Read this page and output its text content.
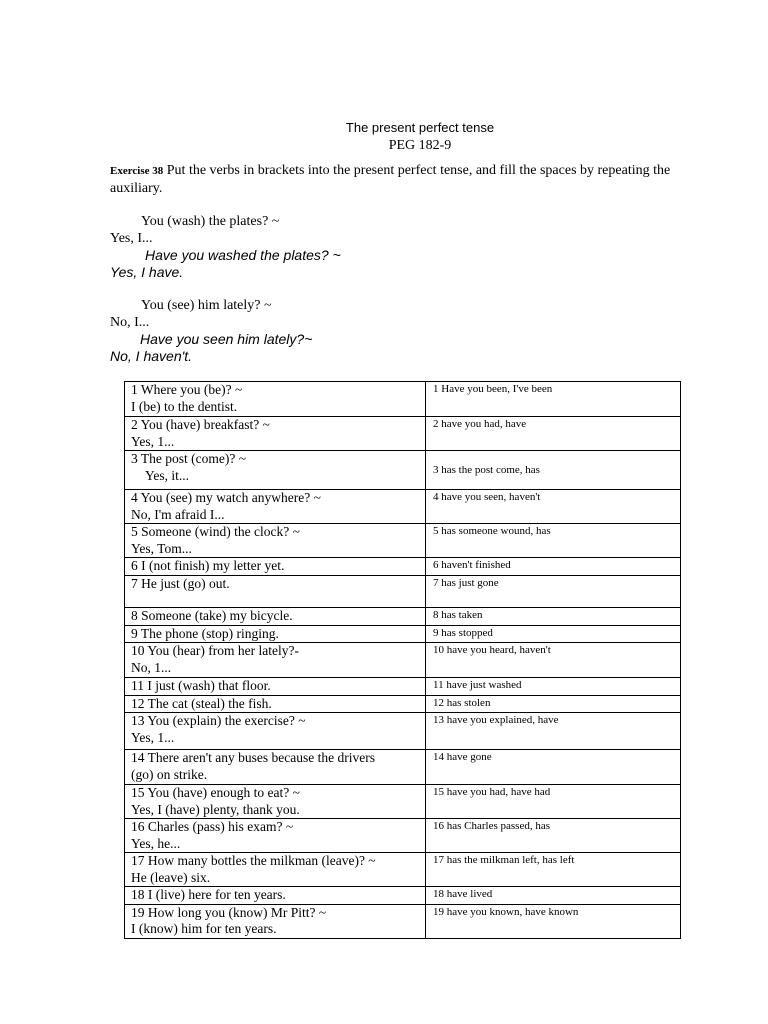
The present perfect tense
PEG 182-9
Exercise 38 Put the verbs in brackets into the present perfect tense, and fill the spaces by repeating the auxiliary.
You (wash) the plates? ~
Yes, I...
Have you washed the plates? ~
Yes, I have.
You (see) him lately? ~
No, I...
Have you seen him lately?~
No, I haven't.
1 Where you (be)? ~
I (be) to the dentist.	1 Have you been, I've been

2 You (have) breakfast? ~
Yes, 1...	2 have you had, have

3 The post (come)? ~
Yes, it...	3 has the post come, has

4 You (see) my watch anywhere? ~
No, I'm afraid I...	4 have you seen, haven't

5 Someone (wind) the clock? ~
Yes, Tom...	5 has someone wound, has

6 I (not finish) my letter yet.	6 haven't finished

7 He just (go) out.	7 has just gone

8 Someone (take) my bicycle.	8 has taken

9 The phone (stop) ringing.	9 has stopped

10 You (hear) from her lately?-
No, 1...	10 have you heard, haven't

11 I just (wash) that floor.	11 have just washed

12 The cat (steal) the fish.	12 has stolen

13 You (explain) the exercise? ~
Yes, 1...	13 have you explained, have

14 There aren't any buses because the drivers
(go) on strike.	14 have gone

15 You (have) enough to eat? ~
Yes, I (have) plenty, thank you.	15 have you had, have had

16 Charles (pass) his exam? ~
Yes, he...	16 has Charles passed, has

17 How many bottles the milkman (leave)? ~
He (leave) six.	17 has the milkman left, has left

18 I (live) here for ten years.	18 have lived

19 How long you (know) Mr Pitt? ~
I (know) him for ten years.	19 have you known, have known
